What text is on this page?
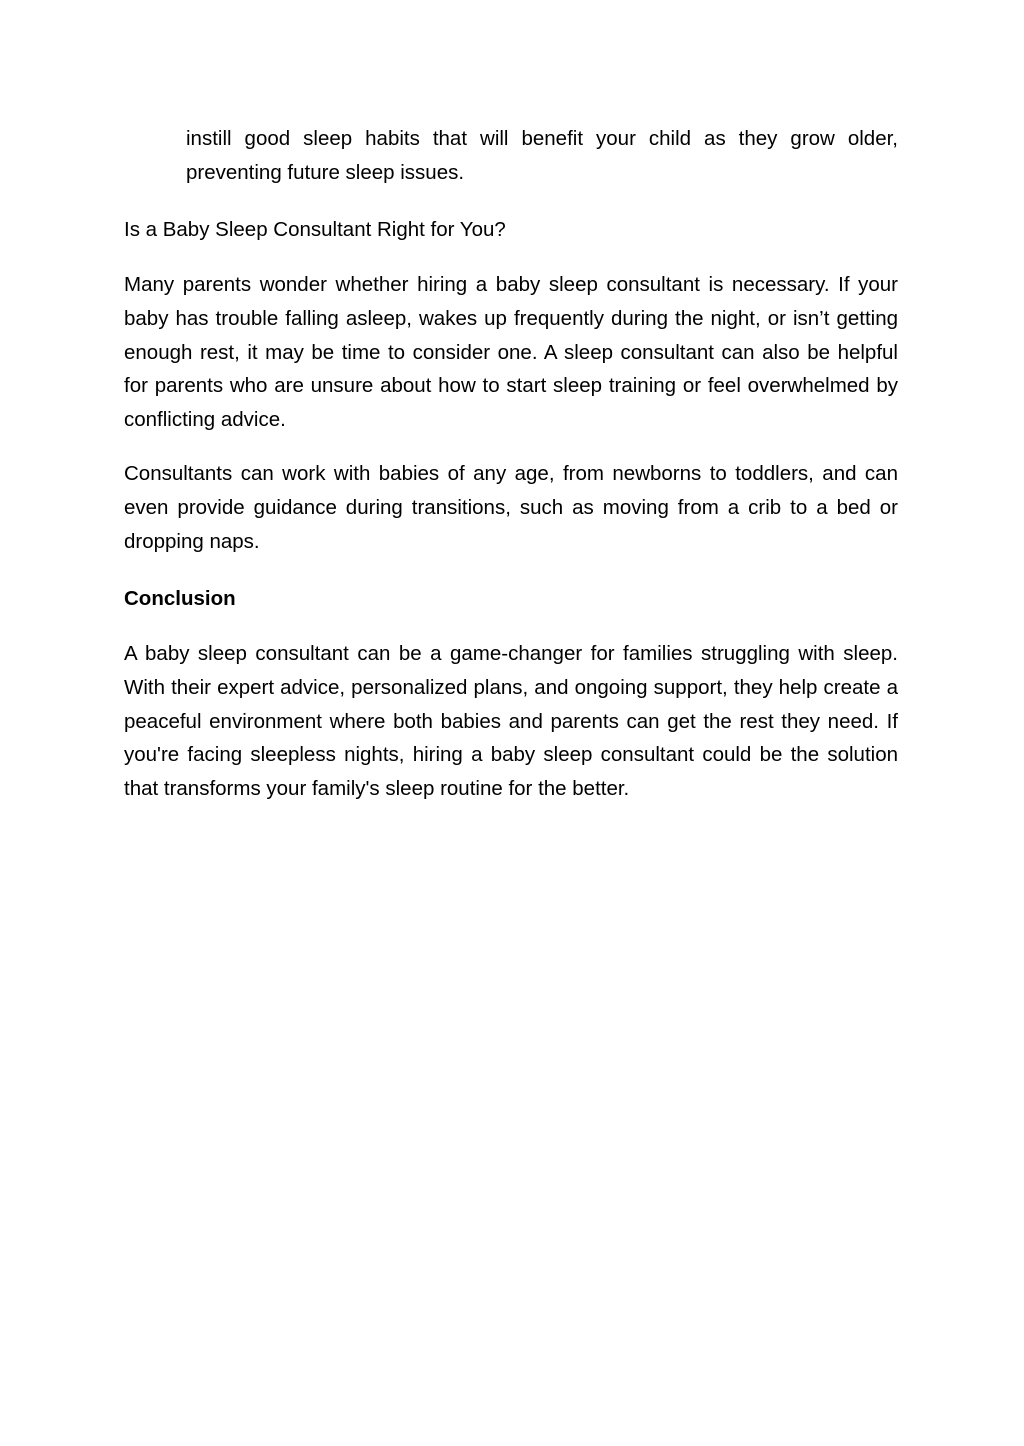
instill good sleep habits that will benefit your child as they grow older, preventing future sleep issues.

Is a Baby Sleep Consultant Right for You?

Many parents wonder whether hiring a baby sleep consultant is necessary. If your baby has trouble falling asleep, wakes up frequently during the night, or isn’t getting enough rest, it may be time to consider one. A sleep consultant can also be helpful for parents who are unsure about how to start sleep training or feel overwhelmed by conflicting advice.

Consultants can work with babies of any age, from newborns to toddlers, and can even provide guidance during transitions, such as moving from a crib to a bed or dropping naps.

Conclusion

A baby sleep consultant can be a game-changer for families struggling with sleep. With their expert advice, personalized plans, and ongoing support, they help create a peaceful environment where both babies and parents can get the rest they need. If you're facing sleepless nights, hiring a baby sleep consultant could be the solution that transforms your family's sleep routine for the better.
